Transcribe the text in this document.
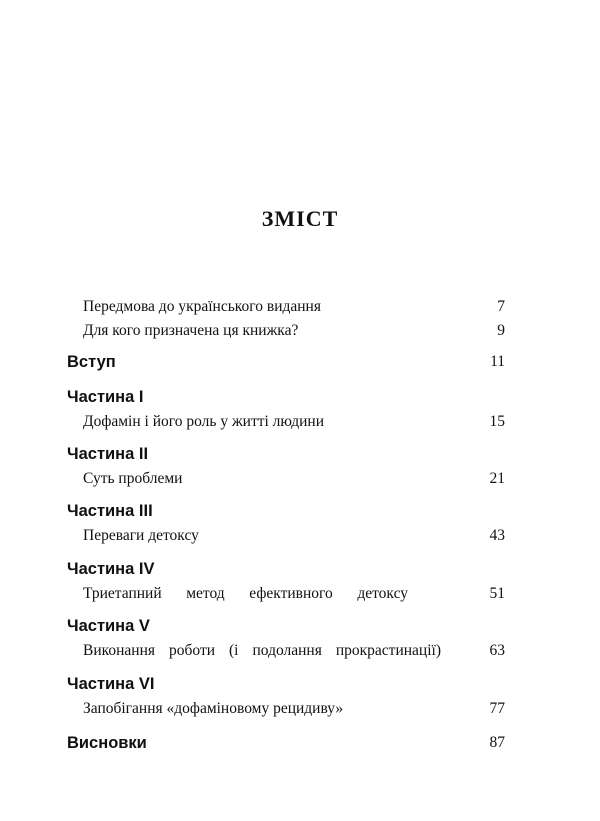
ЗМІСТ
Передмова до українського видання	7
Для кого призначена ця книжка?	9
Вступ	11
Частина I
Дофамін і його роль у житті людини	15
Частина II
Суть проблеми	21
Частина III
Переваги детоксу	43
Частина IV
Триетапний метод ефективного детоксу	51
Частина V
Виконання роботи (і подолання прокрастинації)	63
Частина VI
Запобігання «дофаміновому рецидиву»	77
Висновки	87
